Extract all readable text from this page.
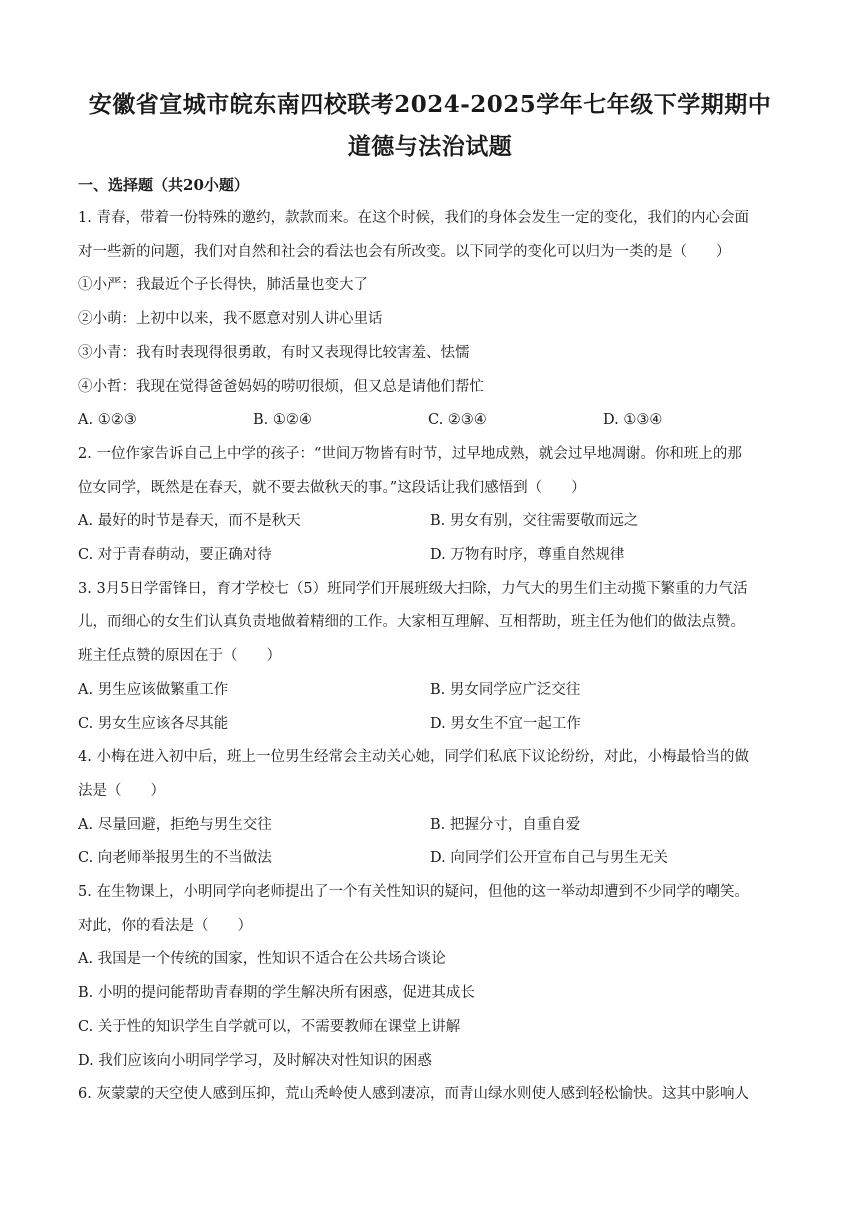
安徽省宣城市皖东南四校联考2024-2025学年七年级下学期期中
道德与法治试题
一、选择题（共20小题）
1. 青春，带着一份特殊的邀约，款款而来。在这个时候，我们的身体会发生一定的变化，我们的内心会面
对一些新的问题，我们对自然和社会的看法也会有所改变。以下同学的变化可以归为一类的是（　　）
①小严：我最近个子长得快，肺活量也变大了
②小萌：上初中以来，我不愿意对别人讲心里话
③小青：我有时表现得很勇敢，有时又表现得比较害羞、怯懦
④小哲：我现在觉得爸爸妈妈的唠叨很烦，但又总是请他们帮忙
A. ①②③	B. ①②④	C. ②③④	D. ①③④
2. 一位作家告诉自己上中学的孩子：“世间万物皆有时节，过早地成熟，就会过早地凋谢。你和班上的那
位女同学，既然是在春天，就不要去做秋天的事。”这段话让我们感悟到（　　）
A. 最好的时节是春天，而不是秋天	B. 男女有别，交往需要敬而远之
C. 对于青春萌动，要正确对待	D. 万物有时序，尊重自然规律
3. 3月5日学雷锋日，育才学校七（5）班同学们开展班级大扫除，力气大的男生们主动揽下繁重的力气活
儿，而细心的女生们认真负责地做着精细的工作。大家相互理解、互相帮助，班主任为他们的做法点赞。
班主任点赞的原因在于（　　）
A. 男生应该做繁重工作	B. 男女同学应广泛交往
C. 男女生应该各尽其能	D. 男女生不宜一起工作
4. 小梅在进入初中后，班上一位男生经常会主动关心她，同学们私底下议论纷纷，对此，小梅最恰当的做
法是（　　）
A. 尽量回避，拒绝与男生交往	B. 把握分寸，自重自爱
C. 向老师举报男生的不当做法	D. 向同学们公开宣布自己与男生无关
5. 在生物课上，小明同学向老师提出了一个有关性知识的疑问，但他的这一举动却遭到不少同学的嘲笑。
对此，你的看法是（　　）
A. 我国是一个传统的国家，性知识不适合在公共场合谈论
B. 小明的提问能帮助青春期的学生解决所有困惑，促进其成长
C. 关于性的知识学生自学就可以，不需要教师在课堂上讲解
D. 我们应该向小明同学学习，及时解决对性知识的困惑
6. 灰蒙蒙的天空使人感到压抑，荒山秃岭使人感到凄凉，而青山绿水则使人感到轻松愉快。这其中影响人
